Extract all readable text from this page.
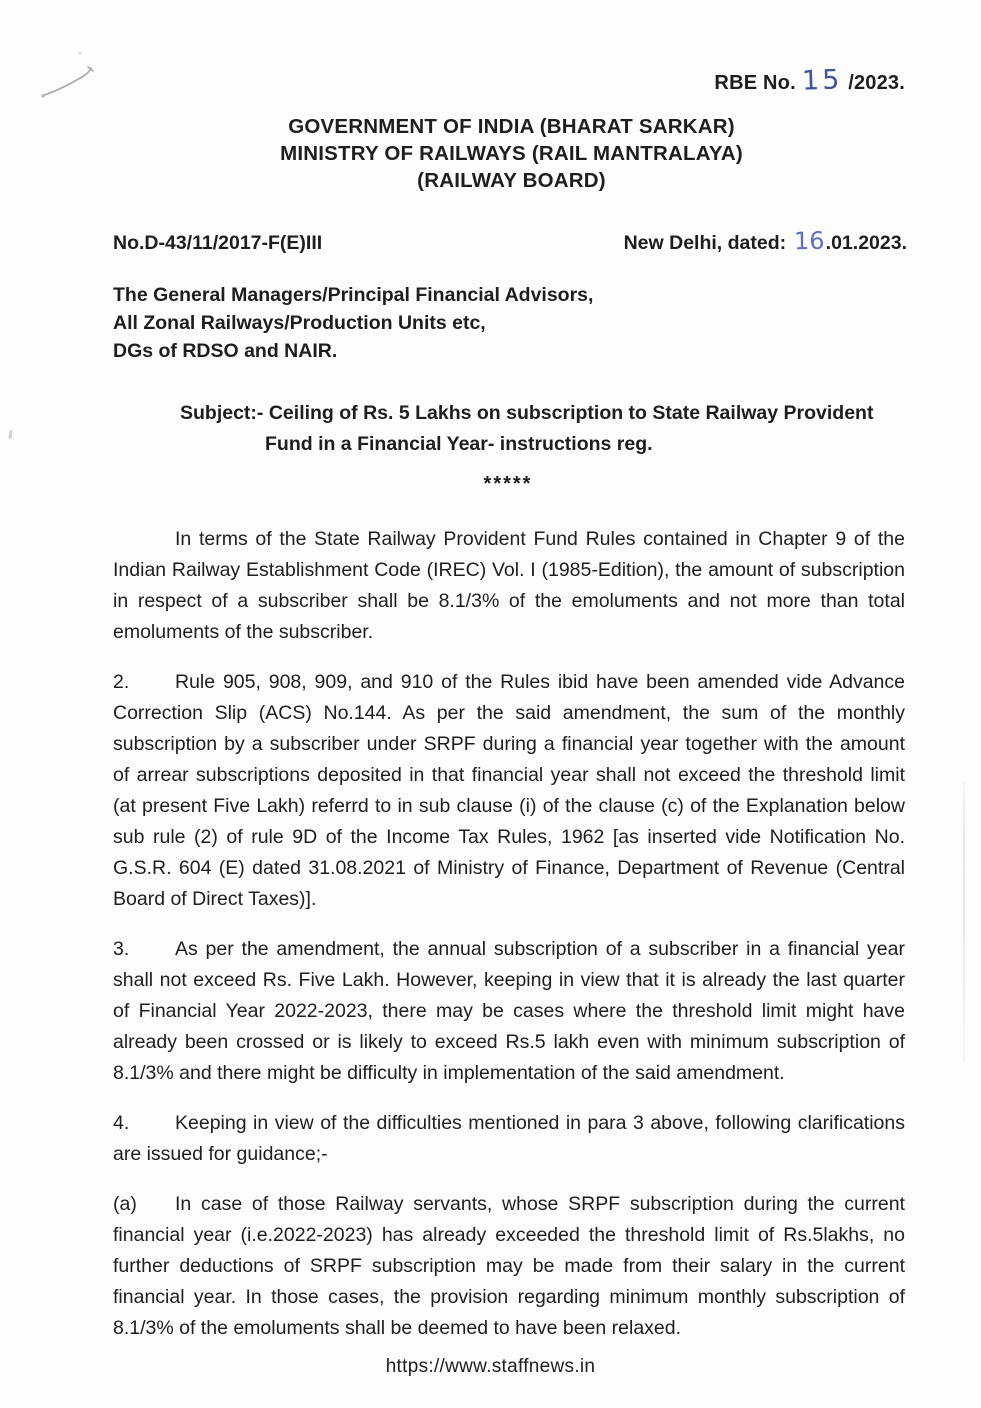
RBE No. 15 /2023.
GOVERNMENT OF INDIA (BHARAT SARKAR)
MINISTRY OF RAILWAYS (RAIL MANTRALAYA)
(RAILWAY BOARD)
No.D-43/11/2017-F(E)III	New Delhi, dated: 16.01.2023.
The General Managers/Principal Financial Advisors,
All Zonal Railways/Production Units etc,
DGs of RDSO and NAIR.
Subject:- Ceiling of Rs. 5 Lakhs on subscription to State Railway Provident Fund in a Financial Year- instructions reg.
*****

In terms of the State Railway Provident Fund Rules contained in Chapter 9 of the Indian Railway Establishment Code (IREC) Vol. I (1985-Edition), the amount of subscription in respect of a subscriber shall be 8.1/3% of the emoluments and not more than total emoluments of the subscriber.

2. Rule 905, 908, 909, and 910 of the Rules ibid have been amended vide Advance Correction Slip (ACS) No.144. As per the said amendment, the sum of the monthly subscription by a subscriber under SRPF during a financial year together with the amount of arrear subscriptions deposited in that financial year shall not exceed the threshold limit (at present Five Lakh) referrd to in sub clause (i) of the clause (c) of the Explanation below sub rule (2) of rule 9D of the Income Tax Rules, 1962 [as inserted vide Notification No. G.S.R. 604 (E) dated 31.08.2021 of Ministry of Finance, Department of Revenue (Central Board of Direct Taxes)].

3. As per the amendment, the annual subscription of a subscriber in a financial year shall not exceed Rs. Five Lakh. However, keeping in view that it is already the last quarter of Financial Year 2022-2023, there may be cases where the threshold limit might have already been crossed or is likely to exceed Rs.5 lakh even with minimum subscription of 8.1/3% and there might be difficulty in implementation of the said amendment.

4. Keeping in view of the difficulties mentioned in para 3 above, following clarifications are issued for guidance;-

(a) In case of those Railway servants, whose SRPF subscription during the current financial year (i.e.2022-2023) has already exceeded the threshold limit of Rs.5lakhs, no further deductions of SRPF subscription may be made from their salary in the current financial year. In those cases, the provision regarding minimum monthly subscription of 8.1/3% of the emoluments shall be deemed to have been relaxed.

https://www.staffnews.in
